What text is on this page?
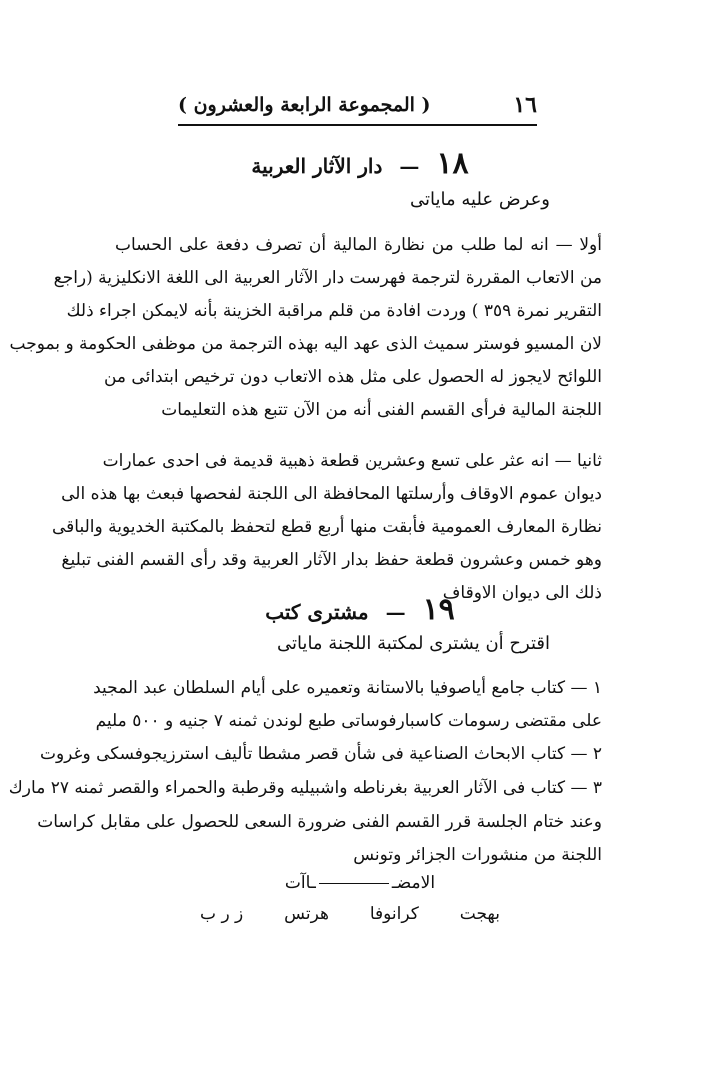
١٦
( المجموعة الرابعة والعشرون )
١٨ — دار الآثار العربية
وعرض عليه ماياتى
أولا — انه لما طلب من نظارة المالية أن تصرف دفعة على الحساب
من الاتعاب المقررة لترجمة فهرست دار الآثار العربية الى اللغة الانكليزية (راجع
التقرير نمرة ٣٥٩ ) وردت افادة من قلم مراقبة الخزينة بأنه لايمكن اجراء ذلك
لان المسيو فوستر سميث الذى عهد اليه بهذه الترجمة من موظفى الحكومة و بموجب
اللوائح لايجوز له الحصول على مثل هذه الاتعاب دون ترخيص ابتدائى من
اللجنة المالية فرأى القسم الفنى أنه من الآن تتبع هذه التعليمات
ثانيا — انه عثر على تسع وعشرين قطعة ذهبية قديمة فى احدى عمارات
ديوان عموم الاوقاف وأرسلتها المحافظة الى اللجنة لفحصها فبعث بها هذه الى
نظارة المعارف العمومية فأبقت منها أربع قطع لتحفظ بالمكتبة الخديوية والباقى
وهو خمس وعشرون قطعة حفظ بدار الآثار العربية وقد رأى القسم الفنى تبليغ
ذلك الى ديوان الاوقاف
١٩ — مشترى كتب
اقترح أن يشترى لمكتبة اللجنة ماياتى
١ — كتاب جامع أياصوفيا بالاستانة وتعميره على أيام السلطان عبد المجيد
على مقتضى رسومات كاسبارفوساتى طبع لوندن ثمنه ٧ جنيه و ٥٠٠ مليم
٢ — كتاب الابحاث الصناعية فى شأن قصر مشطا تأليف استرزيجوفسكى وغروت
٣ — كتاب فى الآثار العربية بغرناطه واشبيليه وقرطبة والحمراء والقصر ثمنه ٢٧ مارك
وعند ختام الجلسة قرر القسم الفنى ضرورة السعى للحصول على مقابل كراسات
اللجنة من منشورات الجزائر وتونس
الامضــاآت
بهجت
كرانوفا
هرتس
ز ر ب
